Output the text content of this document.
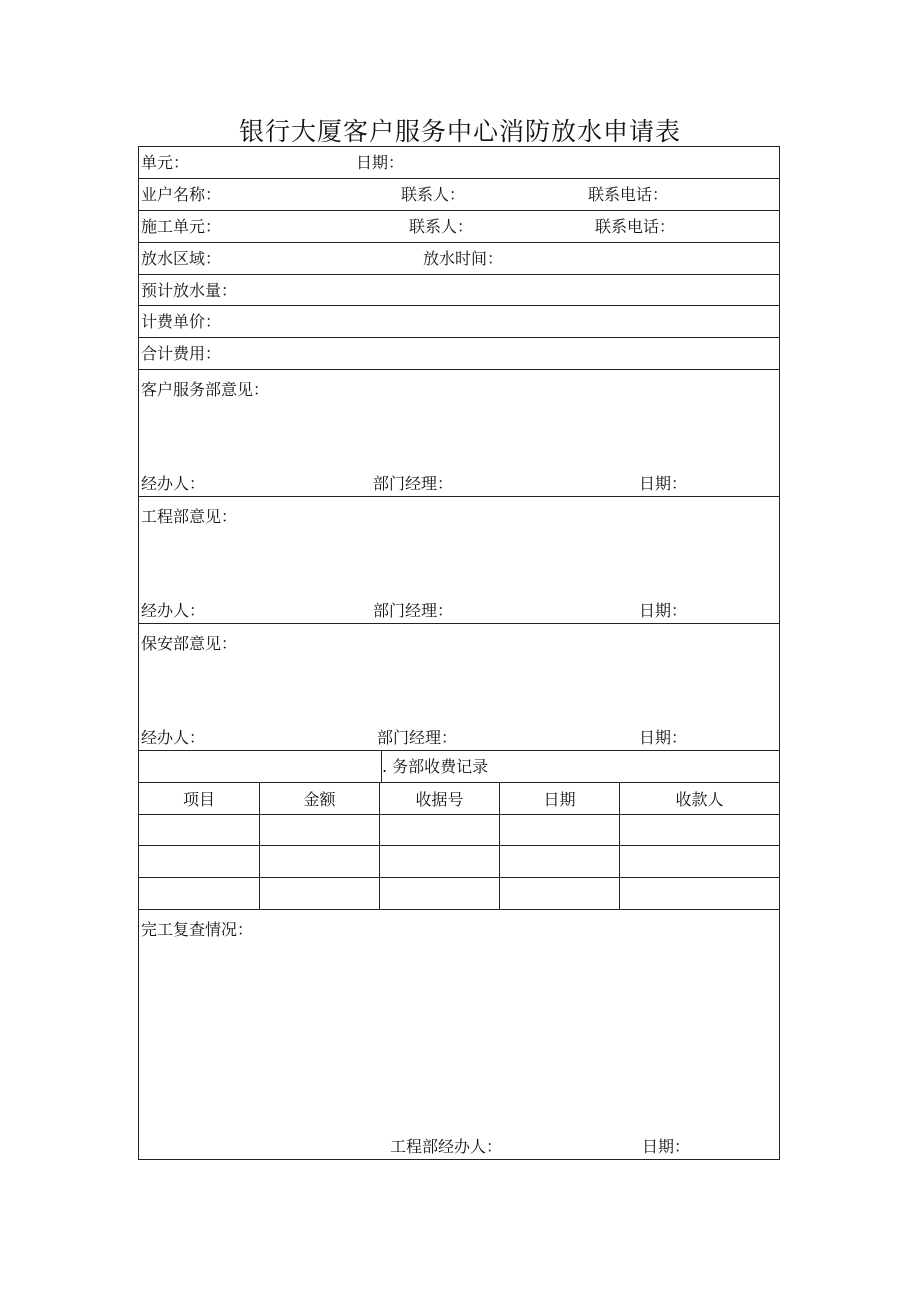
银行大厦客户服务中心消防放水申请表
单元：	日期：
业户名称：	联系人：	联系电话：
施工单元：	联系人：	联系电话：
放水区域：	放水时间：
预计放水量：
计费单价：
合计费用：
客户服务部意见：
经办人：	部门经理：	日期：
工程部意见：
经办人：	部门经理：	日期：
保安部意见：
经办人：	部门经理：	日期：
. 务部收费记录
项目	金额	收据号	日期	收款人
完工复查情况：
工程部经办人：	日期：
